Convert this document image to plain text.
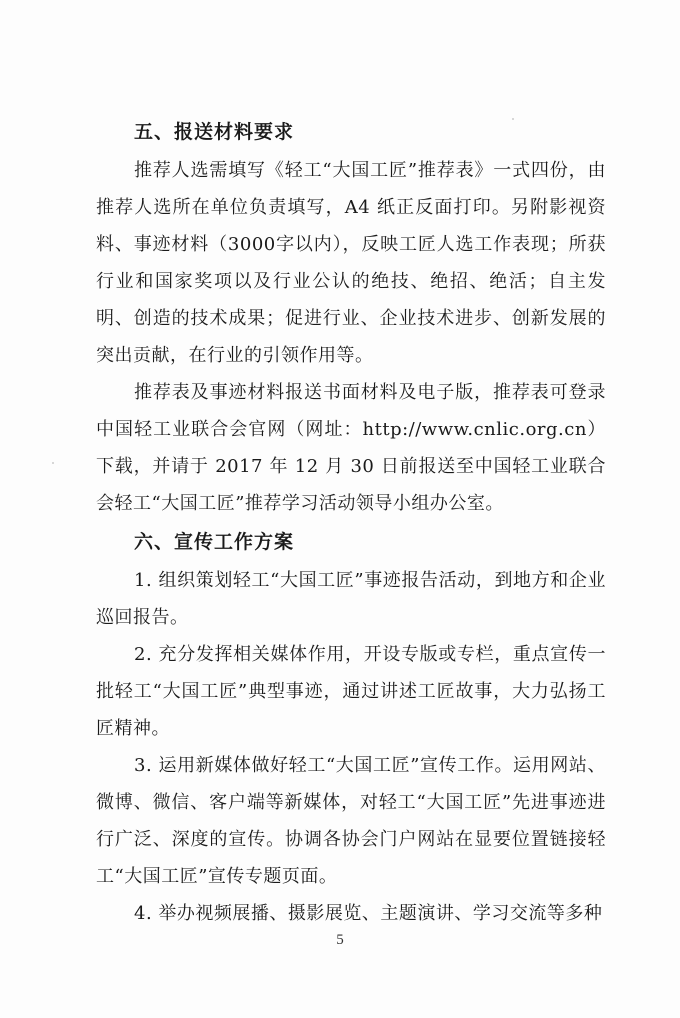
五、报送材料要求

推荐人选需填写《轻工“大国工匠”推荐表》一式四份，由推荐人选所在单位负责填写，A4 纸正反面打印。另附影视资料、事迹材料（3000字以内），反映工匠人选工作表现；所获行业和国家奖项以及行业公认的绝技、绝招、绝活；自主发明、创造的技术成果；促进行业、企业技术进步、创新发展的突出贡献，在行业的引领作用等。

推荐表及事迹材料报送书面材料及电子版，推荐表可登录中国轻工业联合会官网（网址：http://www.cnlic.org.cn）下载，并请于 2017 年 12 月 30 日前报送至中国轻工业联合会轻工“大国工匠”推荐学习活动领导小组办公室。

六、宣传工作方案

1. 组织策划轻工“大国工匠”事迹报告活动，到地方和企业巡回报告。

2. 充分发挥相关媒体作用，开设专版或专栏，重点宣传一批轻工“大国工匠”典型事迹，通过讲述工匠故事，大力弘扬工匠精神。

3. 运用新媒体做好轻工“大国工匠”宣传工作。运用网站、微博、微信、客户端等新媒体，对轻工“大国工匠”先进事迹进行广泛、深度的宣传。协调各协会门户网站在显要位置链接轻工“大国工匠”宣传专题页面。

4. 举办视频展播、摄影展览、主题演讲、学习交流等多种

5
